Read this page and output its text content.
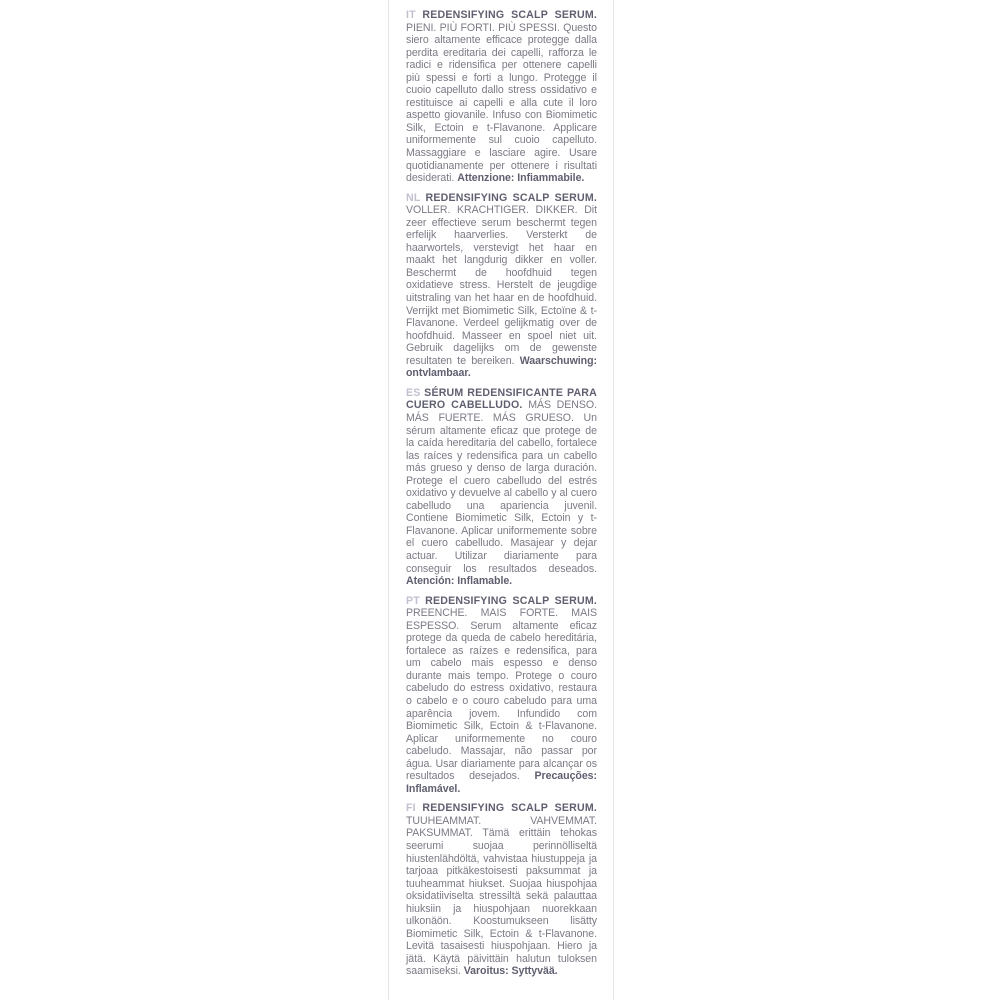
IT REDENSIFYING SCALP SERUM. PIENI. PIÙ FORTI. PIÙ SPESSI. Questo siero altamente efficace protegge dalla perdita ereditaria dei capelli, rafforza le radici e ridensifica per ottenere capelli più spessi e forti a lungo. Protegge il cuoio capelluto dallo stress ossidativo e restituisce ai capelli e alla cute il loro aspetto giovanile. Infuso con Biomimetic Silk, Ectoin e t-Flavanone. Applicare uniformemente sul cuoio capelluto. Massaggiare e lasciare agire. Usare quotidianamente per ottenere i risultati desiderati. Attenzione: Infiammabile.

NL REDENSIFYING SCALP SERUM. VOLLER. KRACHTIGER. DIKKER. Dit zeer effectieve serum beschermt tegen erfelijk haarverlies. Versterkt de haarwortels, verstevigt het haar en maakt het langdurig dikker en voller. Beschermt de hoofdhuid tegen oxidatieve stress. Herstelt de jeugdige uitstraling van het haar en de hoofdhuid. Verrijkt met Biomimetic Silk, Ectoïne & t-Flavanone. Verdeel gelijkmatig over de hoofdhuid. Masseer en spoel niet uit. Gebruik dagelijks om de gewenste resultaten te bereiken. Waarschuwing: ontvlambaar.

ES SÉRUM REDENSIFICANTE PARA CUERO CABELLUDO. MÁS DENSO. MÁS FUERTE. MÁS GRUESO. Un sérum altamente eficaz que protege de la caída hereditaria del cabello, fortalece las raíces y redensifica para un cabello más grueso y denso de larga duración. Protege el cuero cabelludo del estrés oxidativo y devuelve al cabello y al cuero cabelludo una apariencia juvenil. Contiene Biomimetic Silk, Ectoin y t-Flavanone. Aplicar uniformemente sobre el cuero cabelludo. Masajear y dejar actuar. Utilizar diariamente para conseguir los resultados deseados. Atención: Inflamable.

PT REDENSIFYING SCALP SERUM. PREENCHE. MAIS FORTE. MAIS ESPESSO. Serum altamente eficaz protege da queda de cabelo hereditária, fortalece as raízes e redensifica, para um cabelo mais espesso e denso durante mais tempo. Protege o couro cabeludo do estress oxidativo, restaura o cabelo e o couro cabeludo para uma aparência jovem. Infundido com Biomimetic Silk, Ectoin & t-Flavanone. Aplicar uniformemente no couro cabeludo. Massajar, não passar por água. Usar diariamente para alcançar os resultados desejados. Precauções: Inflamável.

FI REDENSIFYING SCALP SERUM. TUUHEAMMAT. VAHVEMMAT. PAKSUMMAT. Tämä erittäin tehokas seerumi suojaa perinnölliseltä hiustenlähdöltä, vahvistaa hiustuppeja ja tarjoaa pitkäkestoisesti paksummat ja tuuheammat hiukset. Suojaa hiuspohjaa oksidatiiviselta stressiltä sekä palauttaa hiuksiin ja hiuspohjaan nuorekkaan ulkonäön. Koostumukseen lisätty Biomimetic Silk, Ectoin & t-Flavanone. Levitä tasaisesti hiuspohjaan. Hiero ja jätä. Käytä päivittäin halutun tuloksen saamiseksi. Varoitus: Syttyvää.
